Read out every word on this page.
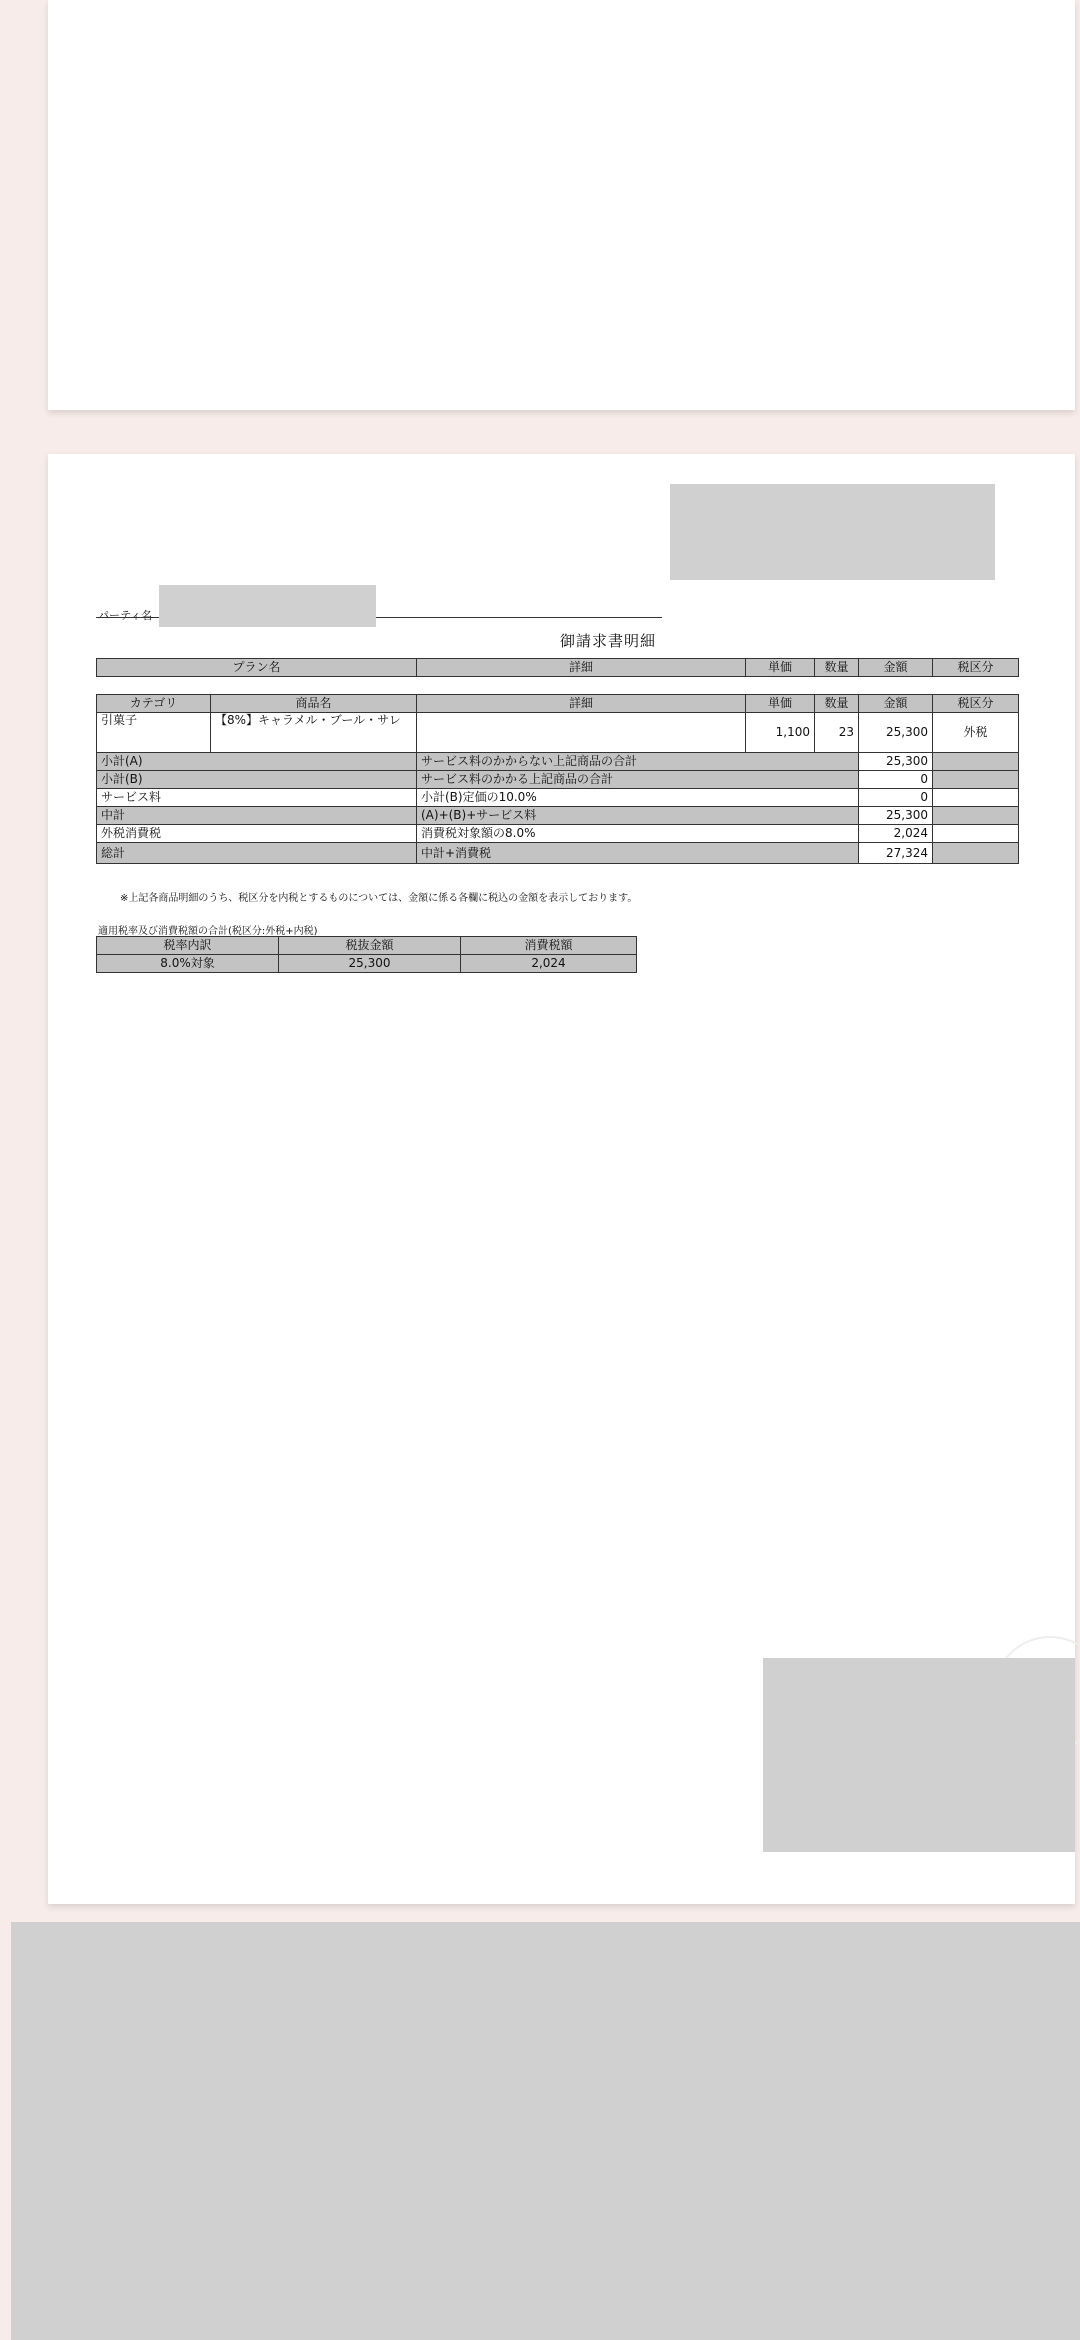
パーティ名
御請求書明細
プラン名	詳細	単価	数量	金額	税区分
カテゴリ	商品名	詳細	単価	数量	金額	税区分
引菓子	【8%】キャラメル・ブール・サレ		1,100	23	25,300	外税
小計(A)	サービス料のかからない上記商品の合計	25,300	
小計(B)	サービス料のかかる上記商品の合計	0	
サービス料	小計(B)定価の10.0%	0	
中計	(A)+(B)+サービス料	25,300	
外税消費税	消費税対象額の8.0%	2,024	
総計	中計+消費税	27,324	
※上記各商品明細のうち、税区分を内税とするものについては、金額に係る各欄に税込の金額を表示しております。
適用税率及び消費税額の合計(税区分:外税+内税)
税率内訳	税抜金額	消費税額
8.0%対象	25,300	2,024
